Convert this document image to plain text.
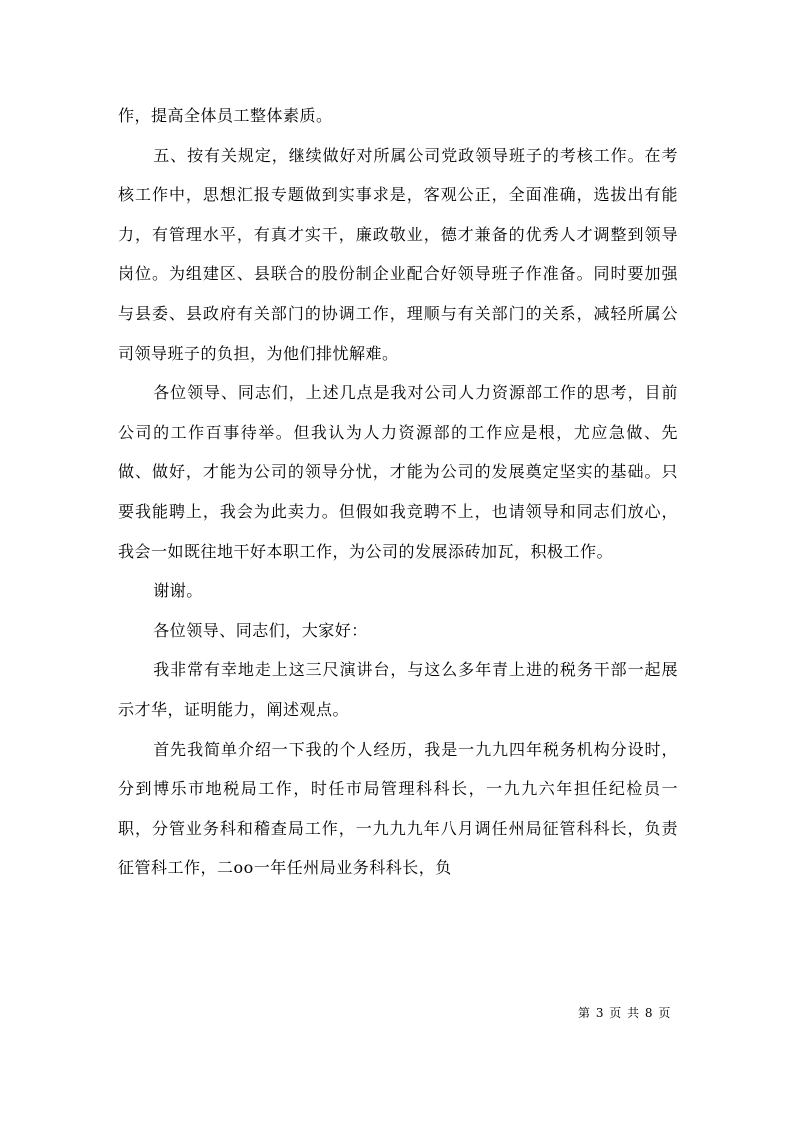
作，提高全体员工整体素质。

五、按有关规定，继续做好对所属公司党政领导班子的考核工作。在考核工作中，思想汇报专题做到实事求是，客观公正，全面准确，选拔出有能力，有管理水平，有真才实干，廉政敬业，德才兼备的优秀人才调整到领导岗位。为组建区、县联合的股份制企业配合好领导班子作准备。同时要加强与县委、县政府有关部门的协调工作，理顺与有关部门的关系，减轻所属公司领导班子的负担，为他们排忧解难。

各位领导、同志们，上述几点是我对公司人力资源部工作的思考，目前公司的工作百事待举。但我认为人力资源部的工作应是根，尤应急做、先做、做好，才能为公司的领导分忧，才能为公司的发展奠定坚实的基础。只要我能聘上，我会为此卖力。但假如我竞聘不上，也请领导和同志们放心，我会一如既往地干好本职工作，为公司的发展添砖加瓦，积极工作。

谢谢。

各位领导、同志们，大家好：

我非常有幸地走上这三尺演讲台，与这么多年青上进的税务干部一起展示才华，证明能力，阐述观点。

首先我简单介绍一下我的个人经历，我是一九九四年税务机构分设时，分到博乐市地税局工作，时任市局管理科科长，一九九六年担任纪检员一职，分管业务科和稽查局工作，一九九九年八月调任州局征管科科长，负责征管科工作，二oo一年任州局业务科科长，负

第 3 页 共 8 页
